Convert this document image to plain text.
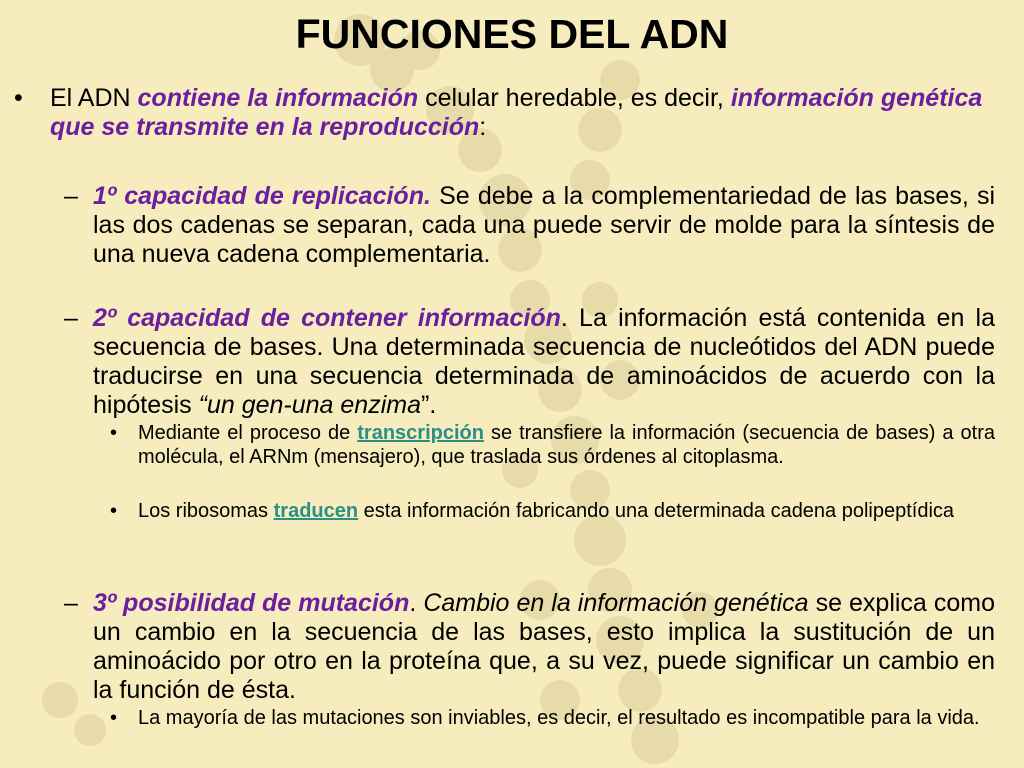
FUNCIONES DEL ADN
• El ADN contiene la información celular heredable, es decir, información genética que se transmite en la reproducción:
– 1º capacidad de replicación. Se debe a la complementariedad de las bases, si las dos cadenas se separan, cada una puede servir de molde para la síntesis de una nueva cadena complementaria.
– 2º capacidad de contener información. La información está contenida en la secuencia de bases. Una determinada secuencia de nucleótidos del ADN puede traducirse en una secuencia determinada de aminoácidos de acuerdo con la hipótesis “un gen-una enzima”.
• Mediante el proceso de transcripción se transfiere la información (secuencia de bases) a otra molécula, el ARNm (mensajero), que traslada sus órdenes al citoplasma.
• Los ribosomas traducen esta información fabricando una determinada cadena polipeptídica
– 3º posibilidad de mutación. Cambio en la información genética se explica como un cambio en la secuencia de las bases, esto implica la sustitución de un aminoácido por otro en la proteína que, a su vez, puede significar un cambio en la función de ésta.
• La mayoría de las mutaciones son inviables, es decir, el resultado es incompatible para la vida.
